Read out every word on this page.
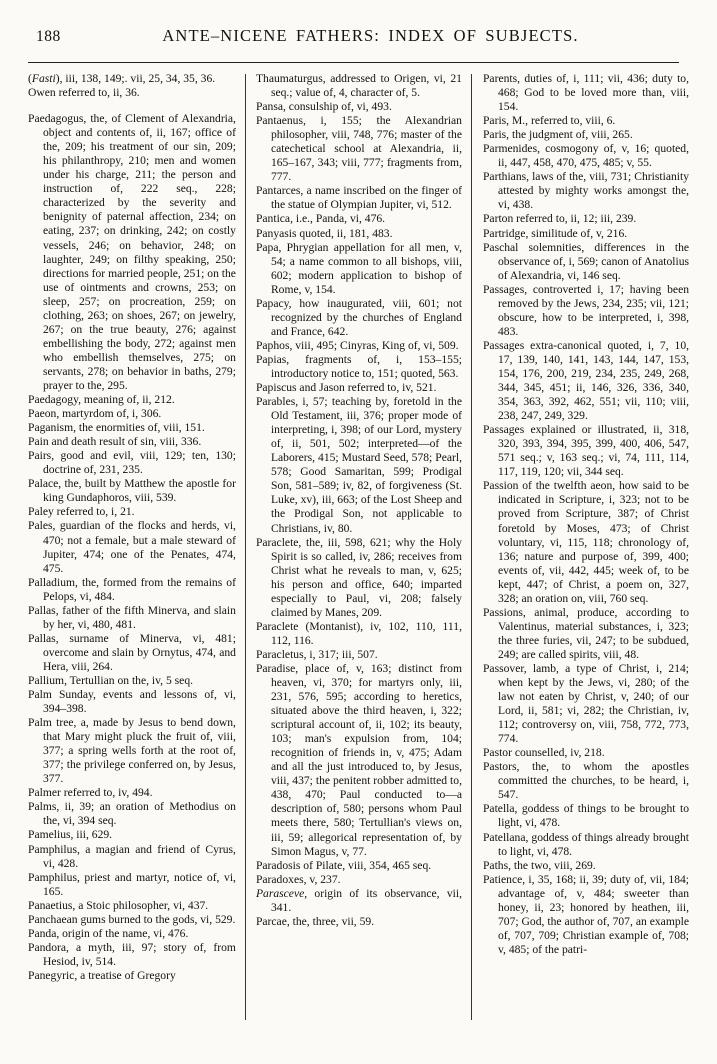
188	ANTE–NICENE FATHERS: INDEX OF SUBJECTS.

(Fasti), iii, 138, 149;. vii, 25, 34, 35, 36.

Owen referred to, ii, 36.

Paedagogus, the, of Clement of Alexandria, object and contents of, ii, 167; office of the, 209; his treatment of our sin, 209; his philanthropy, 210; men and women under his charge, 211; the person and instruction of, 222 seq., 228; characterized by the severity and benignity of paternal affection, 234; on eating, 237; on drinking, 242; on costly vessels, 246; on behavior, 248; on laughter, 249; on filthy speaking, 250; directions for married people, 251; on the use of ointments and crowns, 253; on sleep, 257; on procreation, 259; on clothing, 263; on shoes, 267; on jewelry, 267; on the true beauty, 276; against embellishing the body, 272; against men who embellish themselves, 275; on servants, 278; on behavior in baths, 279; prayer to the, 295.

Paedagogy, meaning of, ii, 212.

Paeon, martyrdom of, i, 306.

Paganism, the enormities of, viii, 151.

Pain and death result of sin, viii, 336.

Pairs, good and evil, viii, 129; ten, 130; doctrine of, 231, 235.

Palace, the, built by Matthew the apostle for king Gundaphoros, viii, 539.

Paley referred to, i, 21.

Pales, guardian of the flocks and herds, vi, 470; not a female, but a male steward of Jupiter, 474; one of the Penates, 474, 475.

Palladium, the, formed from the remains of Pelops, vi, 484.

Pallas, father of the fifth Minerva, and slain by her, vi, 480, 481.

Pallas, surname of Minerva, vi, 481; overcome and slain by Ornytus, 474, and Hera, viii, 264.

Pallium, Tertullian on the, iv, 5 seq.

Palm Sunday, events and lessons of, vi, 394–398.

Palm tree, a, made by Jesus to bend down, that Mary might pluck the fruit of, viii, 377; a spring wells forth at the root of, 377; the privilege conferred on, by Jesus, 377.

Palmer referred to, iv, 494.

Palms, ii, 39; an oration of Methodius on the, vi, 394 seq.

Pamelius, iii, 629.

Pamphilus, a magian and friend of Cyrus, vi, 428.

Pamphilus, priest and martyr, notice of, vi, 165.

Panaetius, a Stoic philosopher, vi, 437.

Panchaean gums burned to the gods, vi, 529.

Panda, origin of the name, vi, 476.

Pandora, a myth, iii, 97; story of, from Hesiod, iv, 514.

Panegyric, a treatise of Gregory

Thaumaturgus, addressed to Origen, vi, 21 seq.; value of, 4, character of, 5.

Pansa, consulship of, vi, 493.

Pantaenus, i, 155; the Alexandrian philosopher, viii, 748, 776; master of the catechetical school at Alexandria, ii, 165–167, 343; viii, 777; fragments from, 777.

Pantarces, a name inscribed on the finger of the statue of Olympian Jupiter, vi, 512.

Pantica, i.e., Panda, vi, 476.

Panyasis quoted, ii, 181, 483.

Papa, Phrygian appellation for all men, v, 54; a name common to all bishops, viii, 602; modern application to bishop of Rome, v, 154.

Papacy, how inaugurated, viii, 601; not recognized by the churches of England and France, 642.

Paphos, viii, 495; Cinyras, King of, vi, 509.

Papias, fragments of, i, 153–155; introductory notice to, 151; quoted, 563.

Papiscus and Jason referred to, iv, 521.

Parables, i, 57; teaching by, foretold in the Old Testament, iii, 376; proper mode of interpreting, i, 398; of our Lord, mystery of, ii, 501, 502; interpreted—of the Laborers, 415; Mustard Seed, 578; Pearl, 578; Good Samaritan, 599; Prodigal Son, 581–589; iv, 82, of forgiveness (St. Luke, xv), iii, 663; of the Lost Sheep and the Prodigal Son, not applicable to Christians, iv, 80.

Paraclete, the, iii, 598, 621; why the Holy Spirit is so called, iv, 286; receives from Christ what he reveals to man, v, 625; his person and office, 640; imparted especially to Paul, vi, 208; falsely claimed by Manes, 209.

Paraclete (Montanist), iv, 102, 110, 111, 112, 116.

Paracletus, i, 317; iii, 507.

Paradise, place of, v, 163; distinct from heaven, vi, 370; for martyrs only, iii, 231, 576, 595; according to heretics, situated above the third heaven, i, 322; scriptural account of, ii, 102; its beauty, 103; man's expulsion from, 104; recognition of friends in, v, 475; Adam and all the just introduced to, by Jesus, viii, 437; the penitent robber admitted to, 438, 470; Paul conducted to—a description of, 580; persons whom Paul meets there, 580; Tertullian's views on, iii, 59; allegorical representation of, by Simon Magus, v, 77.

Paradosis of Pilate, viii, 354, 465 seq.

Paradoxes, v, 237.

Parasceve, origin of its observance, vii, 341.

Parcae, the, three, vii, 59.

Parents, duties of, i, 111; vii, 436; duty to, 468; God to be loved more than, viii, 154.

Paris, M., referred to, viii, 6.

Paris, the judgment of, viii, 265.

Parmenides, cosmogony of, v, 16; quoted, ii, 447, 458, 470, 475, 485; v, 55.

Parthians, laws of the, viii, 731; Christianity attested by mighty works amongst the, vi, 438.

Parton referred to, ii, 12; iii, 239.

Partridge, similitude of, v, 216.

Paschal solemnities, differences in the observance of, i, 569; canon of Anatolius of Alexandria, vi, 146 seq.

Passages, controverted i, 17; having been removed by the Jews, 234, 235; vii, 121; obscure, how to be interpreted, i, 398, 483.

Passages extra-canonical quoted, i, 7, 10, 17, 139, 140, 141, 143, 144, 147, 153, 154, 176, 200, 219, 234, 235, 249, 268, 344, 345, 451; ii, 146, 326, 336, 340, 354, 363, 392, 462, 551; vii, 110; viii, 238, 247, 249, 329.

Passages explained or illustrated, ii, 318, 320, 393, 394, 395, 399, 400, 406, 547, 571 seq.; v, 163 seq.; vi, 74, 111, 114, 117, 119, 120; vii, 344 seq.

Passion of the twelfth aeon, how said to be indicated in Scripture, i, 323; not to be proved from Scripture, 387; of Christ foretold by Moses, 473; of Christ voluntary, vi, 115, 118; chronology of, 136; nature and purpose of, 399, 400; events of, vii, 442, 445; week of, to be kept, 447; of Christ, a poem on, 327, 328; an oration on, viii, 760 seq.

Passions, animal, produce, according to Valentinus, material substances, i, 323; the three furies, vii, 247; to be subdued, 249; are called spirits, viii, 48.

Passover, lamb, a type of Christ, i, 214; when kept by the Jews, vi, 280; of the law not eaten by Christ, v, 240; of our Lord, ii, 581; vi, 282; the Christian, iv, 112; controversy on, viii, 758, 772, 773, 774.

Pastor counselled, iv, 218.

Pastors, the, to whom the apostles committed the churches, to be heard, i, 547.

Patella, goddess of things to be brought to light, vi, 478.

Patellana, goddess of things already brought to light, vi, 478.

Paths, the two, viii, 269.

Patience, i, 35, 168; ii, 39; duty of, vii, 184; advantage of, v, 484; sweeter than honey, ii, 23; honored by heathen, iii, 707; God, the author of, 707, an example of, 707, 709; Christian example of, 708; v, 485; of the patri-
